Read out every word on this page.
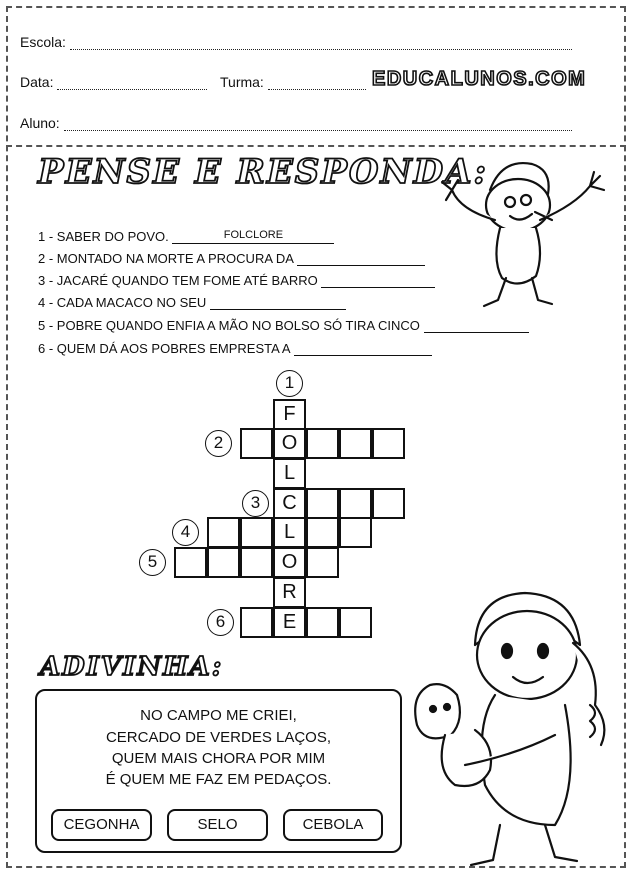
Escola:
Data:	Turma:	EDUCALUNOS.COM
Aluno:
PENSE E RESPONDA:
1 - SABER DO POVO.	FOLCLORE
2 - MONTADO NA MORTE A PROCURA DA
3 - JACARÉ QUANDO TEM FOME ATÉ BARRO
4 - CADA MACACO NO SEU
5 - POBRE QUANDO ENFIA A MÃO NO BOLSO SÓ TIRA CINCO
6 - QUEM DÁ AOS POBRES EMPRESTA A
1
2
3
4
5
6
F
O
L
C
L
O
R
E
ADIVINHA:
NO CAMPO ME CRIEI,
CERCADO DE VERDES LAÇOS,
QUEM MAIS CHORA POR MIM
É QUEM ME FAZ EM PEDAÇOS.
CEGONHA	SELO	CEBOLA
